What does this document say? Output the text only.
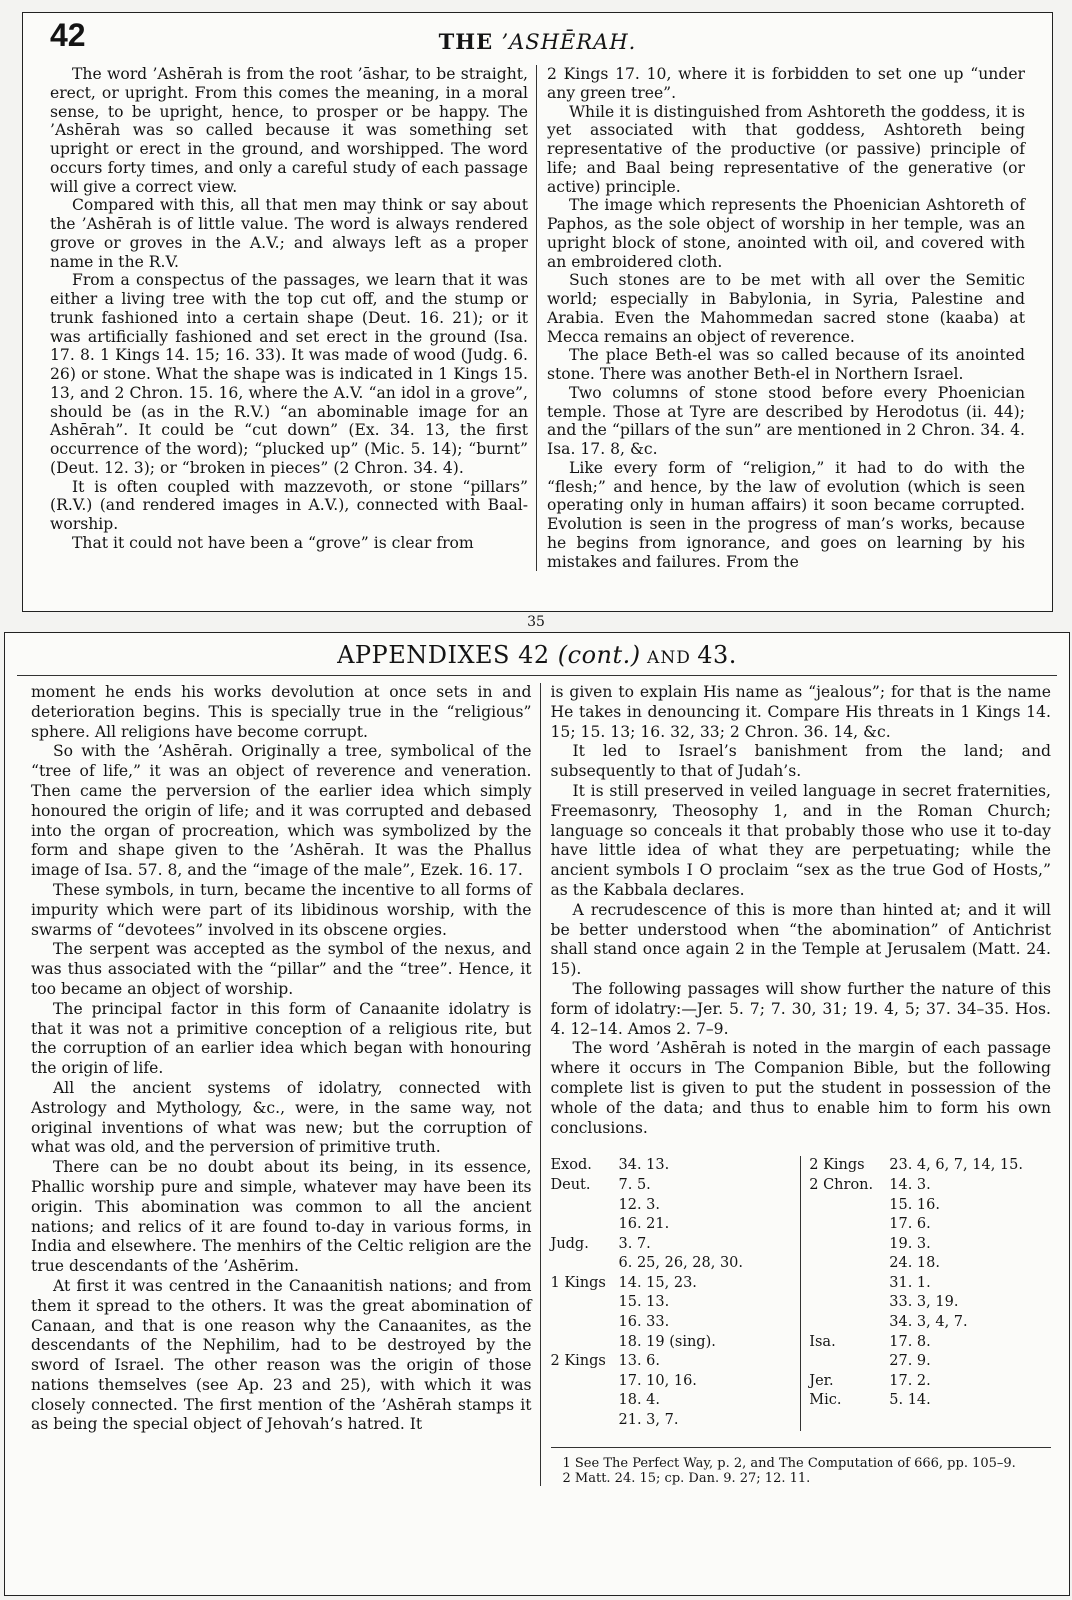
42	THE ’ASHĒRAH.

The word ’Ashērah is from the root ’āshar, to be straight, erect, or upright. From this comes the meaning, in a moral sense, to be upright, hence, to prosper or be happy. The ’Ashērah was so called because it was something set upright or erect in the ground, and worshipped. The word occurs forty times, and only a careful study of each passage will give a correct view.

Compared with this, all that men may think or say about the ’Ashērah is of little value. The word is always rendered grove or groves in the A.V.; and always left as a proper name in the R.V.

From a conspectus of the passages, we learn that it was either a living tree with the top cut off, and the stump or trunk fashioned into a certain shape (Deut. 16. 21); or it was artificially fashioned and set erect in the ground (Isa. 17. 8. 1 Kings 14. 15; 16. 33). It was made of wood (Judg. 6. 26) or stone. What the shape was is indicated in 1 Kings 15. 13, and 2 Chron. 15. 16, where the A.V. “an idol in a grove”, should be (as in the R.V.) “an abominable image for an Ashērah”. It could be “cut down” (Ex. 34. 13, the first occurrence of the word); “plucked up” (Mic. 5. 14); “burnt” (Deut. 12. 3); or “broken in pieces” (2 Chron. 34. 4).

It is often coupled with mazzevoth, or stone “pillars” (R.V.) (and rendered images in A.V.), connected with Baal-worship.

That it could not have been a “grove” is clear from

2 Kings 17. 10, where it is forbidden to set one up “under any green tree”.

While it is distinguished from Ashtoreth the goddess, it is yet associated with that goddess, Ashtoreth being representative of the productive (or passive) principle of life; and Baal being representative of the generative (or active) principle.

The image which represents the Phoenician Ashtoreth of Paphos, as the sole object of worship in her temple, was an upright block of stone, anointed with oil, and covered with an embroidered cloth.

Such stones are to be met with all over the Semitic world; especially in Babylonia, in Syria, Palestine and Arabia. Even the Mahommedan sacred stone (kaaba) at Mecca remains an object of reverence.

The place Beth-el was so called because of its anointed stone. There was another Beth-el in Northern Israel.

Two columns of stone stood before every Phoenician temple. Those at Tyre are described by Herodotus (ii. 44); and the “pillars of the sun” are mentioned in 2 Chron. 34. 4. Isa. 17. 8, &c.

Like every form of “religion,” it had to do with the “flesh;” and hence, by the law of evolution (which is seen operating only in human affairs) it soon became corrupted. Evolution is seen in the progress of man’s works, because he begins from ignorance, and goes on learning by his mistakes and failures. From the

35
APPENDIXES 42 (cont.) AND 43.

moment he ends his works devolution at once sets in and deterioration begins. This is specially true in the “religious” sphere. All religions have become corrupt.

So with the ’Ashērah. Originally a tree, symbolical of the “tree of life,” it was an object of reverence and veneration. Then came the perversion of the earlier idea which simply honoured the origin of life; and it was corrupted and debased into the organ of procreation, which was symbolized by the form and shape given to the ’Ashērah. It was the Phallus image of Isa. 57. 8, and the “image of the male”, Ezek. 16. 17.

These symbols, in turn, became the incentive to all forms of impurity which were part of its libidinous worship, with the swarms of “devotees” involved in its obscene orgies.

The serpent was accepted as the symbol of the nexus, and was thus associated with the “pillar” and the “tree”. Hence, it too became an object of worship.

The principal factor in this form of Canaanite idolatry is that it was not a primitive conception of a religious rite, but the corruption of an earlier idea which began with honouring the origin of life.

All the ancient systems of idolatry, connected with Astrology and Mythology, &c., were, in the same way, not original inventions of what was new; but the corruption of what was old, and the perversion of primitive truth.

There can be no doubt about its being, in its essence, Phallic worship pure and simple, whatever may have been its origin. This abomination was common to all the ancient nations; and relics of it are found to-day in various forms, in India and elsewhere. The menhirs of the Celtic religion are the true descendants of the ’Ashērim.

At first it was centred in the Canaanitish nations; and from them it spread to the others. It was the great abomination of Canaan, and that is one reason why the Canaanites, as the descendants of the Nephilim, had to be destroyed by the sword of Israel. The other reason was the origin of those nations themselves (see Ap. 23 and 25), with which it was closely connected. The first mention of the ’Ashērah stamps it as being the special object of Jehovah’s hatred. It

is given to explain His name as “jealous”; for that is the name He takes in denouncing it. Compare His threats in 1 Kings 14. 15; 15. 13; 16. 32, 33; 2 Chron. 36. 14, &c.

It led to Israel’s banishment from the land; and subsequently to that of Judah’s.

It is still preserved in veiled language in secret fraternities, Freemasonry, Theosophy 1, and in the Roman Church; language so conceals it that probably those who use it to-day have little idea of what they are perpetuating; while the ancient symbols I O proclaim “sex as the true God of Hosts,” as the Kabbala declares.

A recrudescence of this is more than hinted at; and it will be better understood when “the abomination” of Antichrist shall stand once again 2 in the Temple at Jerusalem (Matt. 24. 15).

The following passages will show further the nature of this form of idolatry:—Jer. 5. 7; 7. 30, 31; 19. 4, 5; 37. 34–35. Hos. 4. 12–14. Amos 2. 7–9.

The word ’Ashērah is noted in the margin of each passage where it occurs in The Companion Bible, but the following complete list is given to put the student in possession of the whole of the data; and thus to enable him to form his own conclusions.

Exod.	34. 13.
Deut.	7. 5.
	12. 3.
	16. 21.
Judg.	3. 7.
	6. 25, 26, 28, 30.
1 Kings	14. 15, 23.
	15. 13.
	16. 33.
	18. 19 (sing).
2 Kings	13. 6.
	17. 10, 16.
	18. 4.
	21. 3, 7.

2 Kings	23. 4, 6, 7, 14, 15.
2 Chron.	14. 3.
	15. 16.
	17. 6.
	19. 3.
	24. 18.
	31. 1.
	33. 3, 19.
	34. 3, 4, 7.
Isa.	17. 8.
	27. 9.
Jer.	17. 2.
Mic.	5. 14.
1 See The Perfect Way, p. 2, and The Computation of 666, pp. 105–9.
2 Matt. 24. 15; cp. Dan. 9. 27; 12. 11.
